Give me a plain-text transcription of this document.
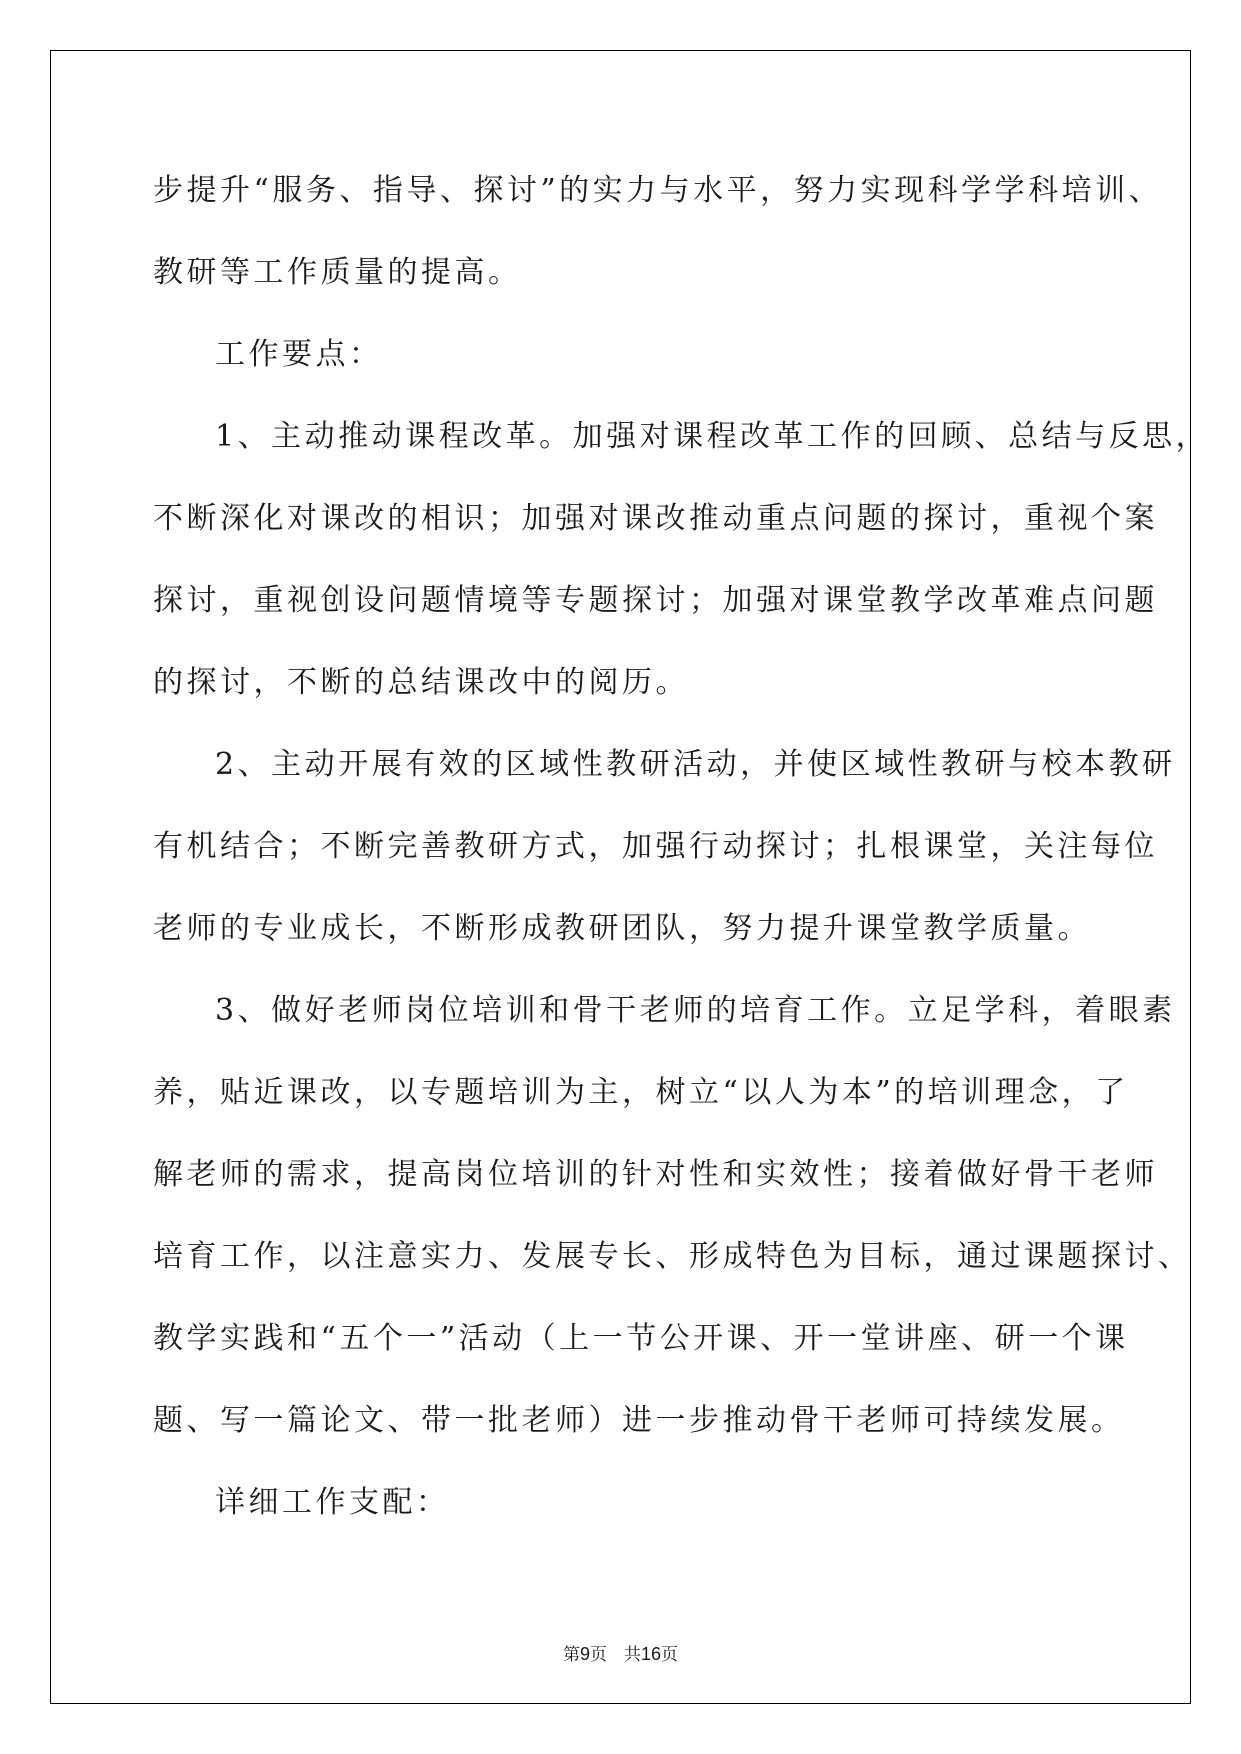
步提升“服务、指导、探讨”的实力与水平，努力实现科学学科培训、
教研等工作质量的提高。
工作要点：
1、主动推动课程改革。加强对课程改革工作的回顾、总结与反思，
不断深化对课改的相识；加强对课改推动重点问题的探讨，重视个案
探讨，重视创设问题情境等专题探讨；加强对课堂教学改革难点问题
的探讨，不断的总结课改中的阅历。
2、主动开展有效的区域性教研活动，并使区域性教研与校本教研
有机结合；不断完善教研方式，加强行动探讨；扎根课堂，关注每位
老师的专业成长，不断形成教研团队，努力提升课堂教学质量。
3、做好老师岗位培训和骨干老师的培育工作。立足学科，着眼素
养，贴近课改，以专题培训为主，树立“以人为本”的培训理念，了
解老师的需求，提高岗位培训的针对性和实效性；接着做好骨干老师
培育工作，以注意实力、发展专长、形成特色为目标，通过课题探讨、
教学实践和“五个一”活动（上一节公开课、开一堂讲座、研一个课
题、写一篇论文、带一批老师）进一步推动骨干老师可持续发展。
详细工作支配：
第9页　共16页
